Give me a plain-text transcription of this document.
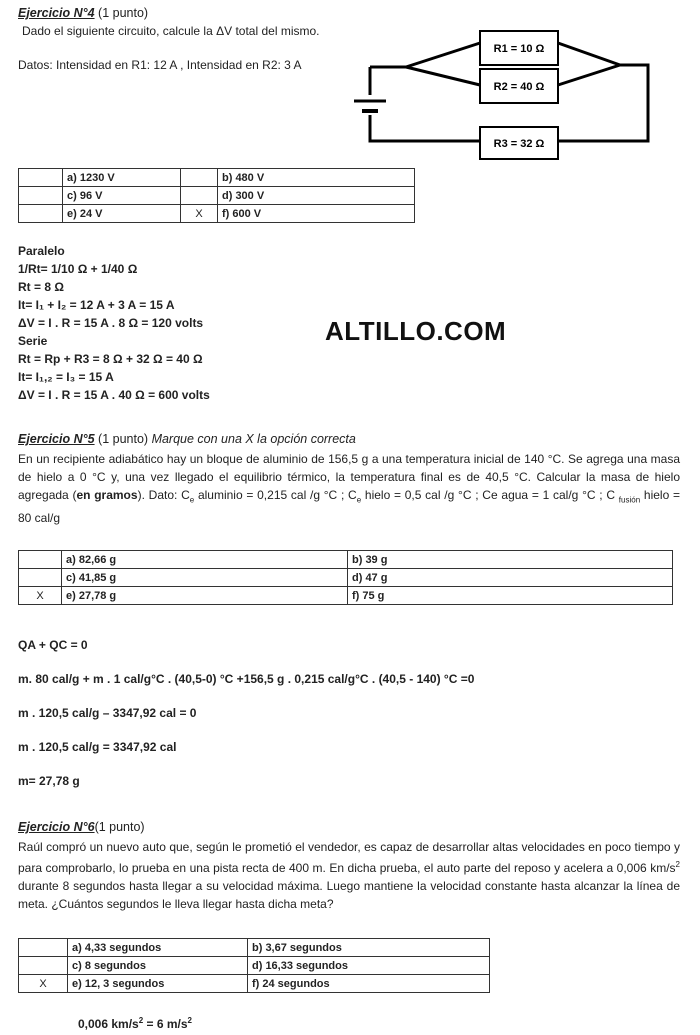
Ejercicio N°4 (1 punto)
Dado el siguiente circuito, calcule la ΔV total del mismo.
Datos: Intensidad en R1: 12 A , Intensidad en R2: 3 A
R1 = 10 Ω
R2 = 40 Ω
R3 = 32 Ω
	a) 1230 V		b) 480 V
	c) 96 V		d) 300 V
	e) 24 V	X	f) 600 V
Paralelo
1/Rt= 1/10 Ω + 1/40 Ω
Rt = 8 Ω
It= I₁ + I₂ = 12 A + 3 A = 15 A
ΔV = I . R = 15 A . 8 Ω = 120 volts
Serie
Rt = Rp + R3 = 8 Ω + 32 Ω = 40 Ω
It= I₁,₂ = I₃ = 15 A
ΔV = I . R = 15 A . 40 Ω = 600 volts
ALTILLO.COM
Ejercicio N°5 (1 punto) Marque con una X la opción correcta
En un recipiente adiabático hay un bloque de aluminio de 156,5 g a una temperatura inicial de 140 °C. Se agrega una masa de hielo a 0 °C y, una vez llegado el equilibrio térmico, la temperatura final es de 40,5 °C. Calcular la masa de hielo agregada (en gramos). Dato: $C_e$ aluminio = 0,215 cal /g °C ; $C_e$ hielo = 0,5 cal /g °C ; Ce agua = 1 cal/g °C ; C $_{fusión}$ hielo = 80 cal/g
	a) 82,66 g	b) 39 g
	c) 41,85 g	d) 47 g
X	e) 27,78 g	f) 75 g
QA + QC = 0
m. 80 cal/g + m . 1 cal/g°C . (40,5-0) °C +156,5 g . 0,215 cal/g°C . (40,5 - 140) °C =0
m . 120,5 cal/g – 3347,92 cal = 0
m . 120,5 cal/g = 3347,92 cal
m= 27,78 g
Ejercicio N°6(1 punto)
Raúl compró un nuevo auto que, según le prometió el vendedor, es capaz de desarrollar altas velocidades en poco tiempo y para comprobarlo, lo prueba en una pista recta de 400 m. En dicha prueba, el auto parte del reposo y acelera a 0,006 $km/s^2$ durante 8 segundos hasta llegar a su velocidad máxima. Luego mantiene la velocidad constante hasta alcanzar la línea de meta. ¿Cuántos segundos le lleva llegar hasta dicha meta?
	a) 4,33 segundos	b) 3,67 segundos
	c) 8 segundos	d) 16,33 segundos
X	e) 12, 3 segundos	f) 24 segundos
0,006 $km/s^2 = 6$ $m/s^2$
